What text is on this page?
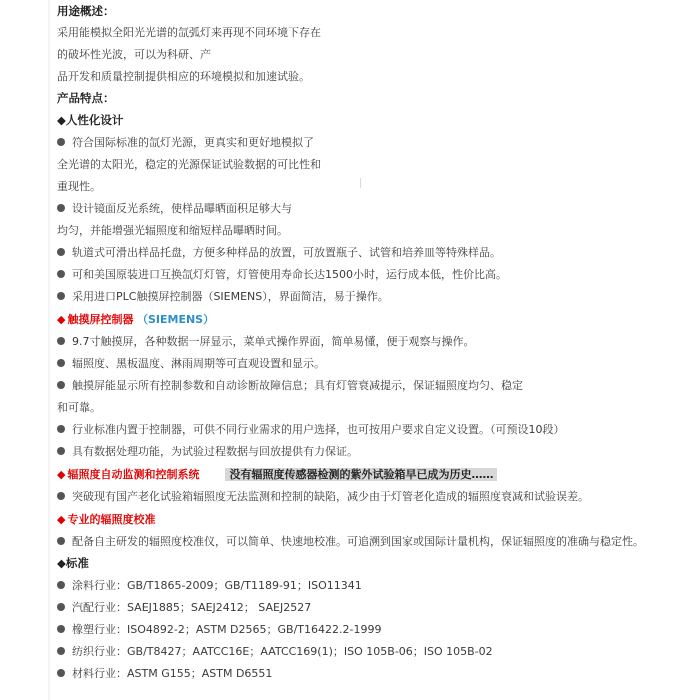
用途概述：
采用能模拟全阳光光谱的氙弧灯来再现不同环境下存在
的破坏性光波，可以为科研、产
品开发和质量控制提供相应的环境模拟和加速试验。
产品特点：
◆人性化设计
符合国际标准的氙灯光源，更真实和更好地模拟了
全光谱的太阳光，稳定的光源保证试验数据的可比性和
重现性。
设计镜面反光系统，使样品曝晒面积足够大与
均匀，并能增强光辐照度和缩短样品曝晒时间。
轨道式可滑出样品托盘，方便多种样品的放置，可放置瓶子、试管和培养皿等特殊样品。
可和美国原装进口互换氙灯灯管，灯管使用寿命长达1500小时，运行成本低，性价比高。
采用进口PLC触摸屏控制器（SIEMENS），界面简洁，易于操作。
◆ 触摸屏控制器 （SIEMENS）
9.7寸触摸屏，各种数据一屏显示，菜单式操作界面，简单易懂，便于观察与操作。
辐照度、黑板温度、淋雨周期等可直观设置和显示。
触摸屏能显示所有控制参数和自动诊断故障信息；具有灯管衰减提示，保证辐照度均匀、稳定
和可靠。
行业标准内置于控制器，可供不同行业需求的用户选择，也可按用户要求自定义设置。（可预设10段）
具有数据处理功能，为试验过程数据与回放提供有力保证。
◆ 辐照度自动监测和控制系统	没有辐照度传感器检测的紫外试验箱早已成为历史……
突破现有国产老化试验箱辐照度无法监测和控制的缺陷，减少由于灯管老化造成的辐照度衰减和试验误差。
◆ 专业的辐照度校准
配备自主研发的辐照度校准仪，可以简单、快速地校准。可追溯到国家或国际计量机构，保证辐照度的准确与稳定性。
◆标准
涂料行业：GB/T1865-2009；GB/T1189-91；ISO11341
汽配行业：SAEJ1885；SAEJ2412； SAEJ2527
橡塑行业：ISO4892-2；ASTM D2565；GB/T16422.2-1999
纺织行业：GB/T8427；AATCC16E；AATCC169(1)；ISO 105B-06；ISO 105B-02
材料行业：ASTM G155；ASTM D6551
